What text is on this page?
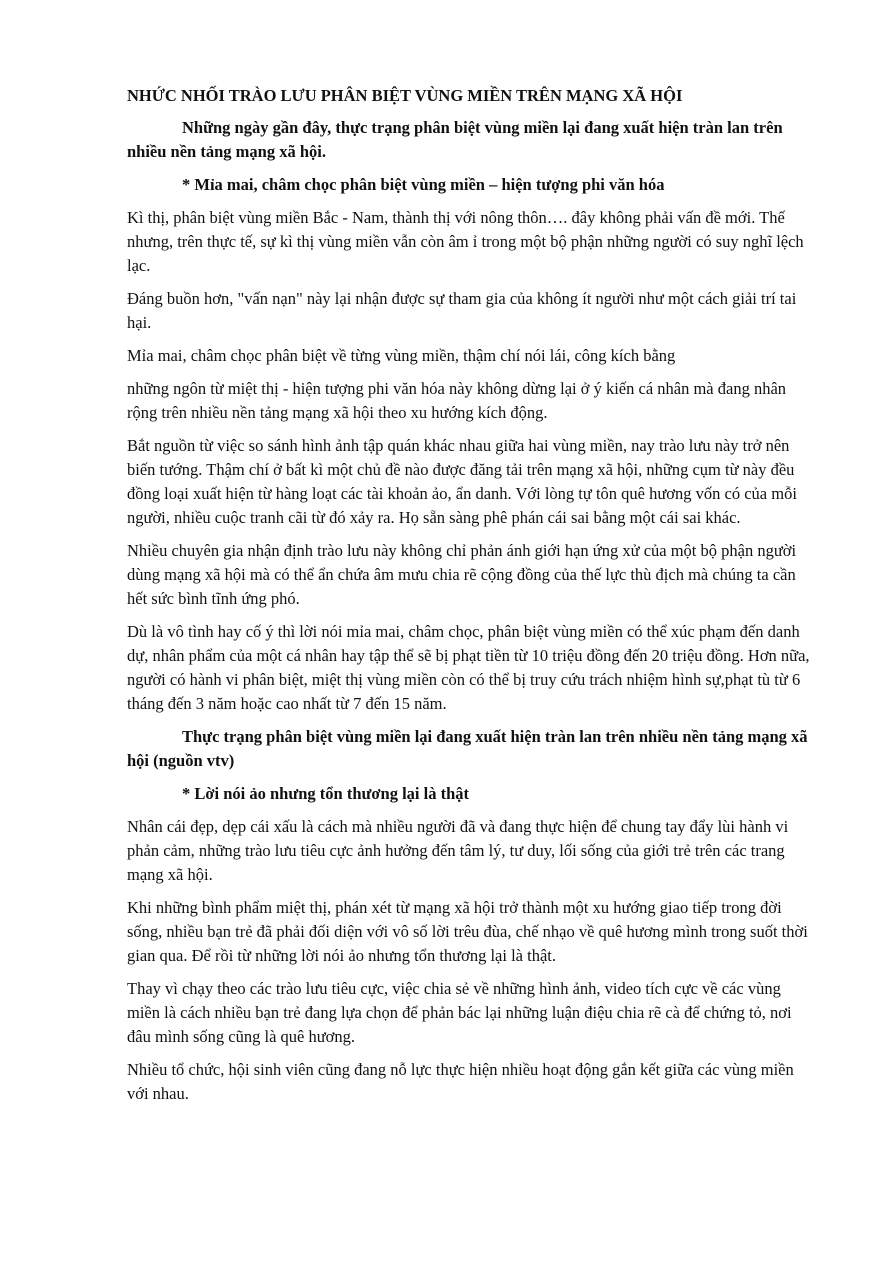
NHỨC NHỐI TRÀO LƯU PHÂN BIỆT VÙNG MIỀN TRÊN MẠNG XÃ HỘI

Những ngày gần đây, thực trạng phân biệt vùng miền lại đang xuất hiện tràn lan trên nhiều nền tảng mạng xã hội.

* Mỉa mai, châm chọc phân biệt vùng miền – hiện tượng phi văn hóa

Kì thị, phân biệt vùng miền Bắc - Nam, thành thị với nông thôn…. đây không phải vấn đề mới. Thế nhưng, trên thực tế, sự kì thị vùng miền vẫn còn âm ỉ trong một bộ phận những người có suy nghĩ lệch lạc.

Đáng buồn hơn, "vấn nạn" này lại nhận được sự tham gia của không ít người như một cách giải trí tai hại.

Mỉa mai, châm chọc phân biệt về từng vùng miền, thậm chí nói lái, công kích bằng

những ngôn từ miệt thị - hiện tượng phi văn hóa này không dừng lại ở ý kiến cá nhân mà đang nhân rộng trên nhiều nền tảng mạng xã hội theo xu hướng kích động.

Bắt nguồn từ việc so sánh hình ảnh tập quán khác nhau giữa hai vùng miền, nay trào lưu này trở nên biến tướng. Thậm chí ở bất kì một chủ đề nào được đăng tải trên mạng xã hội, những cụm từ này đều đồng loại xuất hiện từ hàng loạt các tài khoản ảo, ẩn danh. Với lòng tự tôn quê hương vốn có của mỗi người, nhiều cuộc tranh cãi từ đó xảy ra. Họ sẵn sàng phê phán cái sai bằng một cái sai khác.

Nhiều chuyên gia nhận định trào lưu này không chỉ phản ánh giới hạn ứng xử của một bộ phận người dùng mạng xã hội mà có thể ẩn chứa âm mưu chia rẽ cộng đồng của thế lực thù địch mà chúng ta cần hết sức bình tĩnh ứng phó.

Dù là vô tình hay cố ý thì lời nói mỉa mai, châm chọc, phân biệt vùng miền có thể xúc phạm đến danh dự, nhân phẩm của một cá nhân hay tập thể sẽ bị phạt tiền từ 10 triệu đồng đến 20 triệu đồng. Hơn nữa, người có hành vi phân biệt, miệt thị vùng miền còn có thể bị truy cứu trách nhiệm hình sự,phạt tù từ 6 tháng đến 3 năm hoặc cao nhất từ 7 đến 15 năm.

Thực trạng phân biệt vùng miền lại đang xuất hiện tràn lan trên nhiều nền tảng mạng xã hội (nguồn vtv)

* Lời nói ảo nhưng tổn thương lại là thật

Nhân cái đẹp, dẹp cái xấu là cách mà nhiều người đã và đang thực hiện để chung tay đẩy lùi hành vi phản cảm, những trào lưu tiêu cực ảnh hưởng đến tâm lý, tư duy, lối sống của giới trẻ trên các trang mạng xã hội.

Khi những bình phẩm miệt thị, phán xét từ mạng xã hội trở thành một xu hướng giao tiếp trong đời sống, nhiều bạn trẻ đã phải đối diện với vô số lời trêu đùa, chế nhạo về quê hương mình trong suốt thời gian qua. Để rồi từ những lời nói ảo nhưng tổn thương lại là thật.

Thay vì chạy theo các trào lưu tiêu cực, việc chia sẻ về những hình ảnh, video tích cực về các vùng miền là cách nhiều bạn trẻ đang lựa chọn để phản bác lại những luận điệu chia rẽ cà để chứng tỏ, nơi đâu mình sống cũng là quê hương.

Nhiều tổ chức, hội sinh viên cũng đang nỗ lực thực hiện nhiều hoạt động gắn kết giữa các vùng miền với nhau.
